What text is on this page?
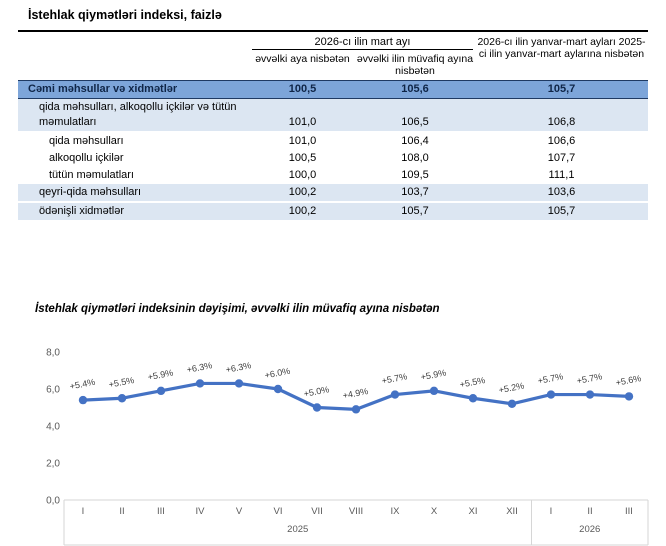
İstehlak qiymətləri indeksi, faizlə
2026-cı ilin mart ayı
əvvəlki aya nisbətən əvvəlki ilin müvafiq ayına nisbətən
2026-cı ilin yanvar-mart ayları 2025-ci ilin yanvar-mart aylarına nisbətən
Cəmi məhsullar və xidmətlər	100,5	105,6	105,7
qida məhsulları, alkoqollu içkilər və tütün məmulatları	101,0	106,5	106,8
qida məhsulları	101,0	106,4	106,6
alkoqollu içkilər	100,5	108,0	107,7
tütün məmulatları	100,0	109,5	111,1
qeyri-qida məhsulları	100,2	103,7	103,6
ödənişli xidmətlər	100,2	105,7	105,7
İstehlak qiymətləri indeksinin dəyişimi, əvvəlki ilin müvafiq ayına nisbətən
8,0
6,0
4,0
2,0
0,0
I	II	III	IV	V	VI	VII	VIII	IX	X	XI	XII	I	II	III
2025	2026
+5.4% +5.5%
+5.9%
+6.3% +6.3% +6.0%
+5.0% +4.9%
+5.7% +5.9%
+5.5% +5.2%
+5.7% +5.7% +5.6%
